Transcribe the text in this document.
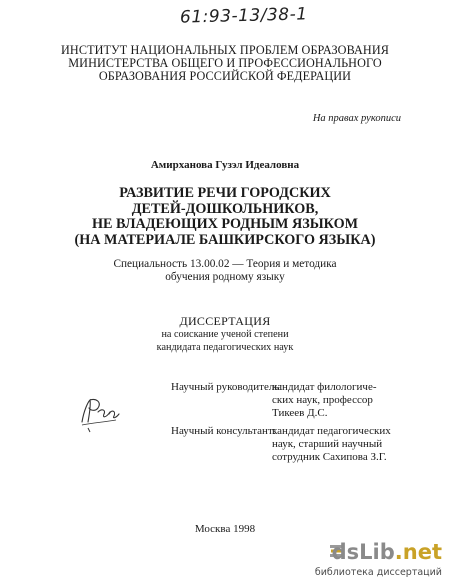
61:93-13/38-1
ИНСТИТУТ НАЦИОНАЛЬНЫХ ПРОБЛЕМ ОБРАЗОВАНИЯ
МИНИСТЕРСТВА ОБЩЕГО И ПРОФЕССИОНАЛЬНОГО
ОБРАЗОВАНИЯ РОССИЙСКОЙ ФЕДЕРАЦИИ
На правах рукописи
Амирханова Гузэл Идеаловна
РАЗВИТИЕ РЕЧИ ГОРОДСКИХ
ДЕТЕЙ-ДОШКОЛЬНИКОВ,
НЕ ВЛАДЕЮЩИХ РОДНЫМ ЯЗЫКОМ
(НА МАТЕРИАЛЕ БАШКИРСКОГО ЯЗЫКА)
Специальность 13.00.02 — Теория и методика
обучения родному языку
ДИССЕРТАЦИЯ
на соискание ученой степени
кандидата педагогических наук
Научный руководитель:
кандидат филологиче-
ских наук, профессор
Тикеев Д.С.
Научный консультант:
кандидат педагогических
наук, старший научный
сотрудник Сахипова З.Г.
Москва 1998
dsLib.net
библиотека диссертаций
